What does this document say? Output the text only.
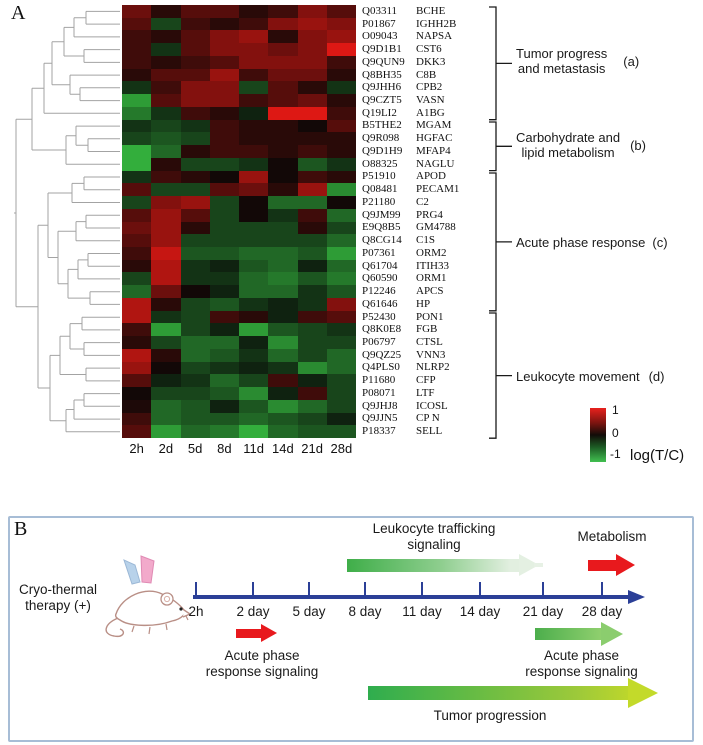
A	Q03311	BCHE
P01867	IGHH2B
O09043	NAPSA
Q9D1B1	CST6
Q9QUN9	DKK3
Q8BH35	C8B
Q9JHH6	CPB2
Q9CZT5	VASN
Q19LI2	A1BG
B5THE2	MGAM
Q9R098	HGFAC
Q9D1H9	MFAP4
O88325	NAGLU
P51910	APOD
Q08481	PECAM1
P21180	C2
Q9JM99	PRG4
E9Q8B5	GM4788
Q8CG14	C1S
P07361	ORM2
Q61704	ITIH33
Q60590	ORM1
P12246	APCS
Q61646	HP
P52430	PON1
Q8K0E8	FGB
P06797	CTSL
Q9QZ25	VNN3
Q4PLS0	NLRP2
P11680	CFP
P08071	LTF
Q9JHJ8	ICOSL
Q9JJN5	CP N
P18337	SELL
2h	2d	5d	8d 11d 14d 21d 28d
Tumor progress
and metastasis (a)
Carbohydrate and
lipid metabolism	(b)
Acute phase response (c)
Leukocyte movement (d)
1
0
-1 log(T/C)
B
Cryo-thermal
therapy (+)	2h 2 day 5 day 8 day 11 day 14 day 21 day 28 day
Leukocyte trafficking
signaling
Metabolism
Acute phase
response signaling
Acute phase
response signaling
Tumor progression
